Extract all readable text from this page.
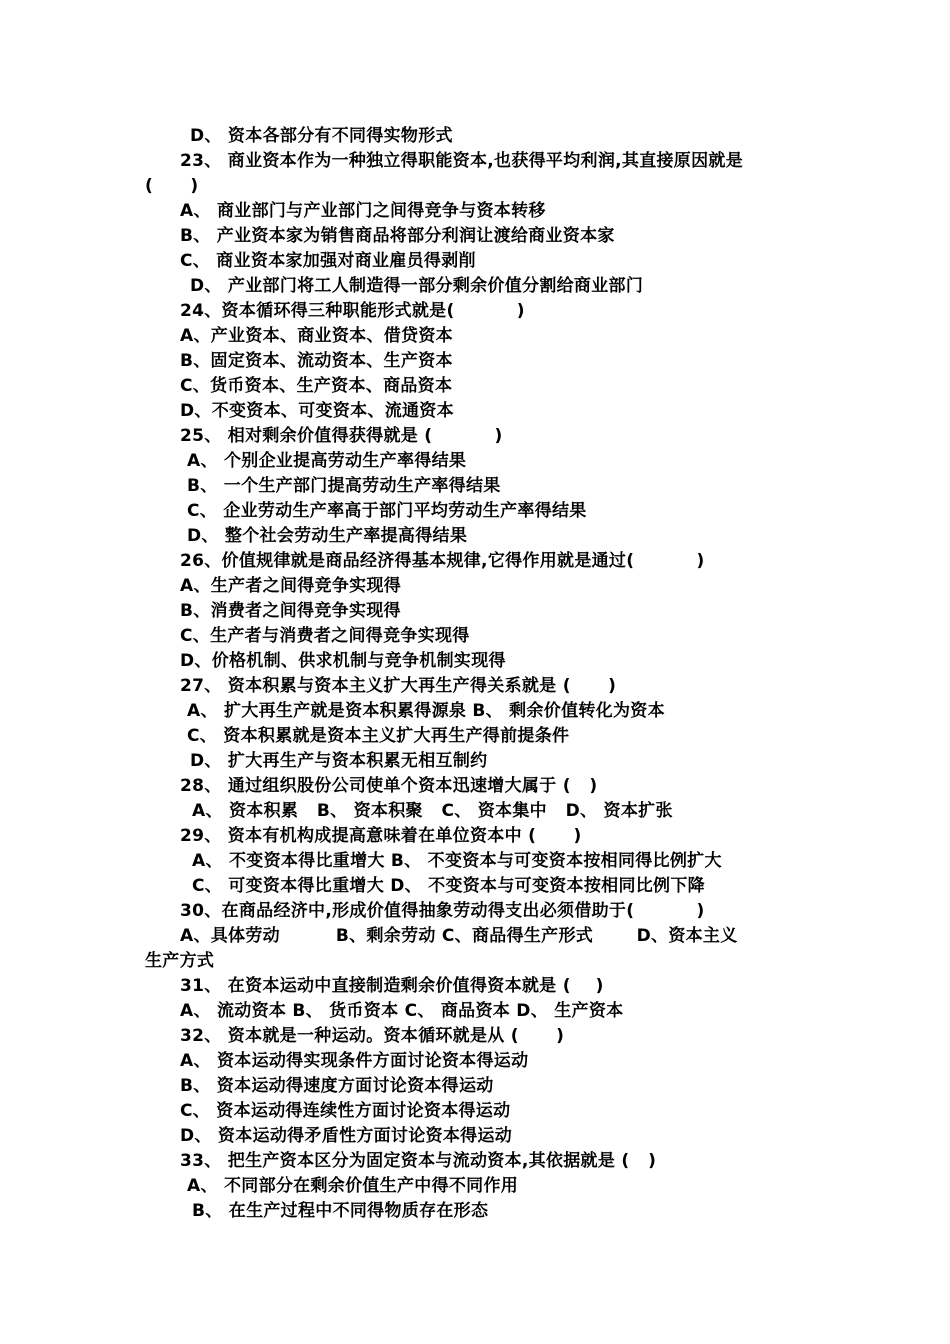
D、 资本各部分有不同得实物形式
23、 商业资本作为一种独立得职能资本,也获得平均利润,其直接原因就是
(      )
A、 商业部门与产业部门之间得竞争与资本转移
B、 产业资本家为销售商品将部分利润让渡给商业资本家
C、 商业资本家加强对商业雇员得剥削
D、 产业部门将工人制造得一部分剩余价值分割给商业部门
24、资本循环得三种职能形式就是(          )
A、产业资本、商业资本、借贷资本
B、固定资本、流动资本、生产资本
C、货币资本、生产资本、商品资本
D、不变资本、可变资本、流通资本
25、 相对剩余价值得获得就是 (          )
A、 个别企业提高劳动生产率得结果
B、 一个生产部门提高劳动生产率得结果
C、 企业劳动生产率高于部门平均劳动生产率得结果
D、 整个社会劳动生产率提高得结果
26、价值规律就是商品经济得基本规律,它得作用就是通过(          )
A、生产者之间得竞争实现得
B、消费者之间得竞争实现得
C、生产者与消费者之间得竞争实现得
D、价格机制、供求机制与竞争机制实现得
27、 资本积累与资本主义扩大再生产得关系就是 (      )
A、 扩大再生产就是资本积累得源泉 B、 剩余价值转化为资本
C、 资本积累就是资本主义扩大再生产得前提条件
D、 扩大再生产与资本积累无相互制约
28、 通过组织股份公司使单个资本迅速增大属于 (   )
A、 资本积累   B、 资本积聚   C、 资本集中   D、 资本扩张
29、 资本有机构成提高意味着在单位资本中 (      )
A、 不变资本得比重增大 B、 不变资本与可变资本按相同得比例扩大
C、 可变资本得比重增大 D、 不变资本与可变资本按相同比例下降
30、在商品经济中,形成价值得抽象劳动得支出必须借助于(          )
A、具体劳动         B、剩余劳动 C、商品得生产形式       D、资本主义
生产方式
31、 在资本运动中直接制造剩余价值得资本就是 (    )
A、 流动资本 B、 货币资本 C、 商品资本 D、 生产资本
32、 资本就是一种运动。资本循环就是从 (      )
A、 资本运动得实现条件方面讨论资本得运动
B、 资本运动得速度方面讨论资本得运动
C、 资本运动得连续性方面讨论资本得运动
D、 资本运动得矛盾性方面讨论资本得运动
33、 把生产资本区分为固定资本与流动资本,其依据就是 (   )
A、 不同部分在剩余价值生产中得不同作用
B、 在生产过程中不同得物质存在形态
